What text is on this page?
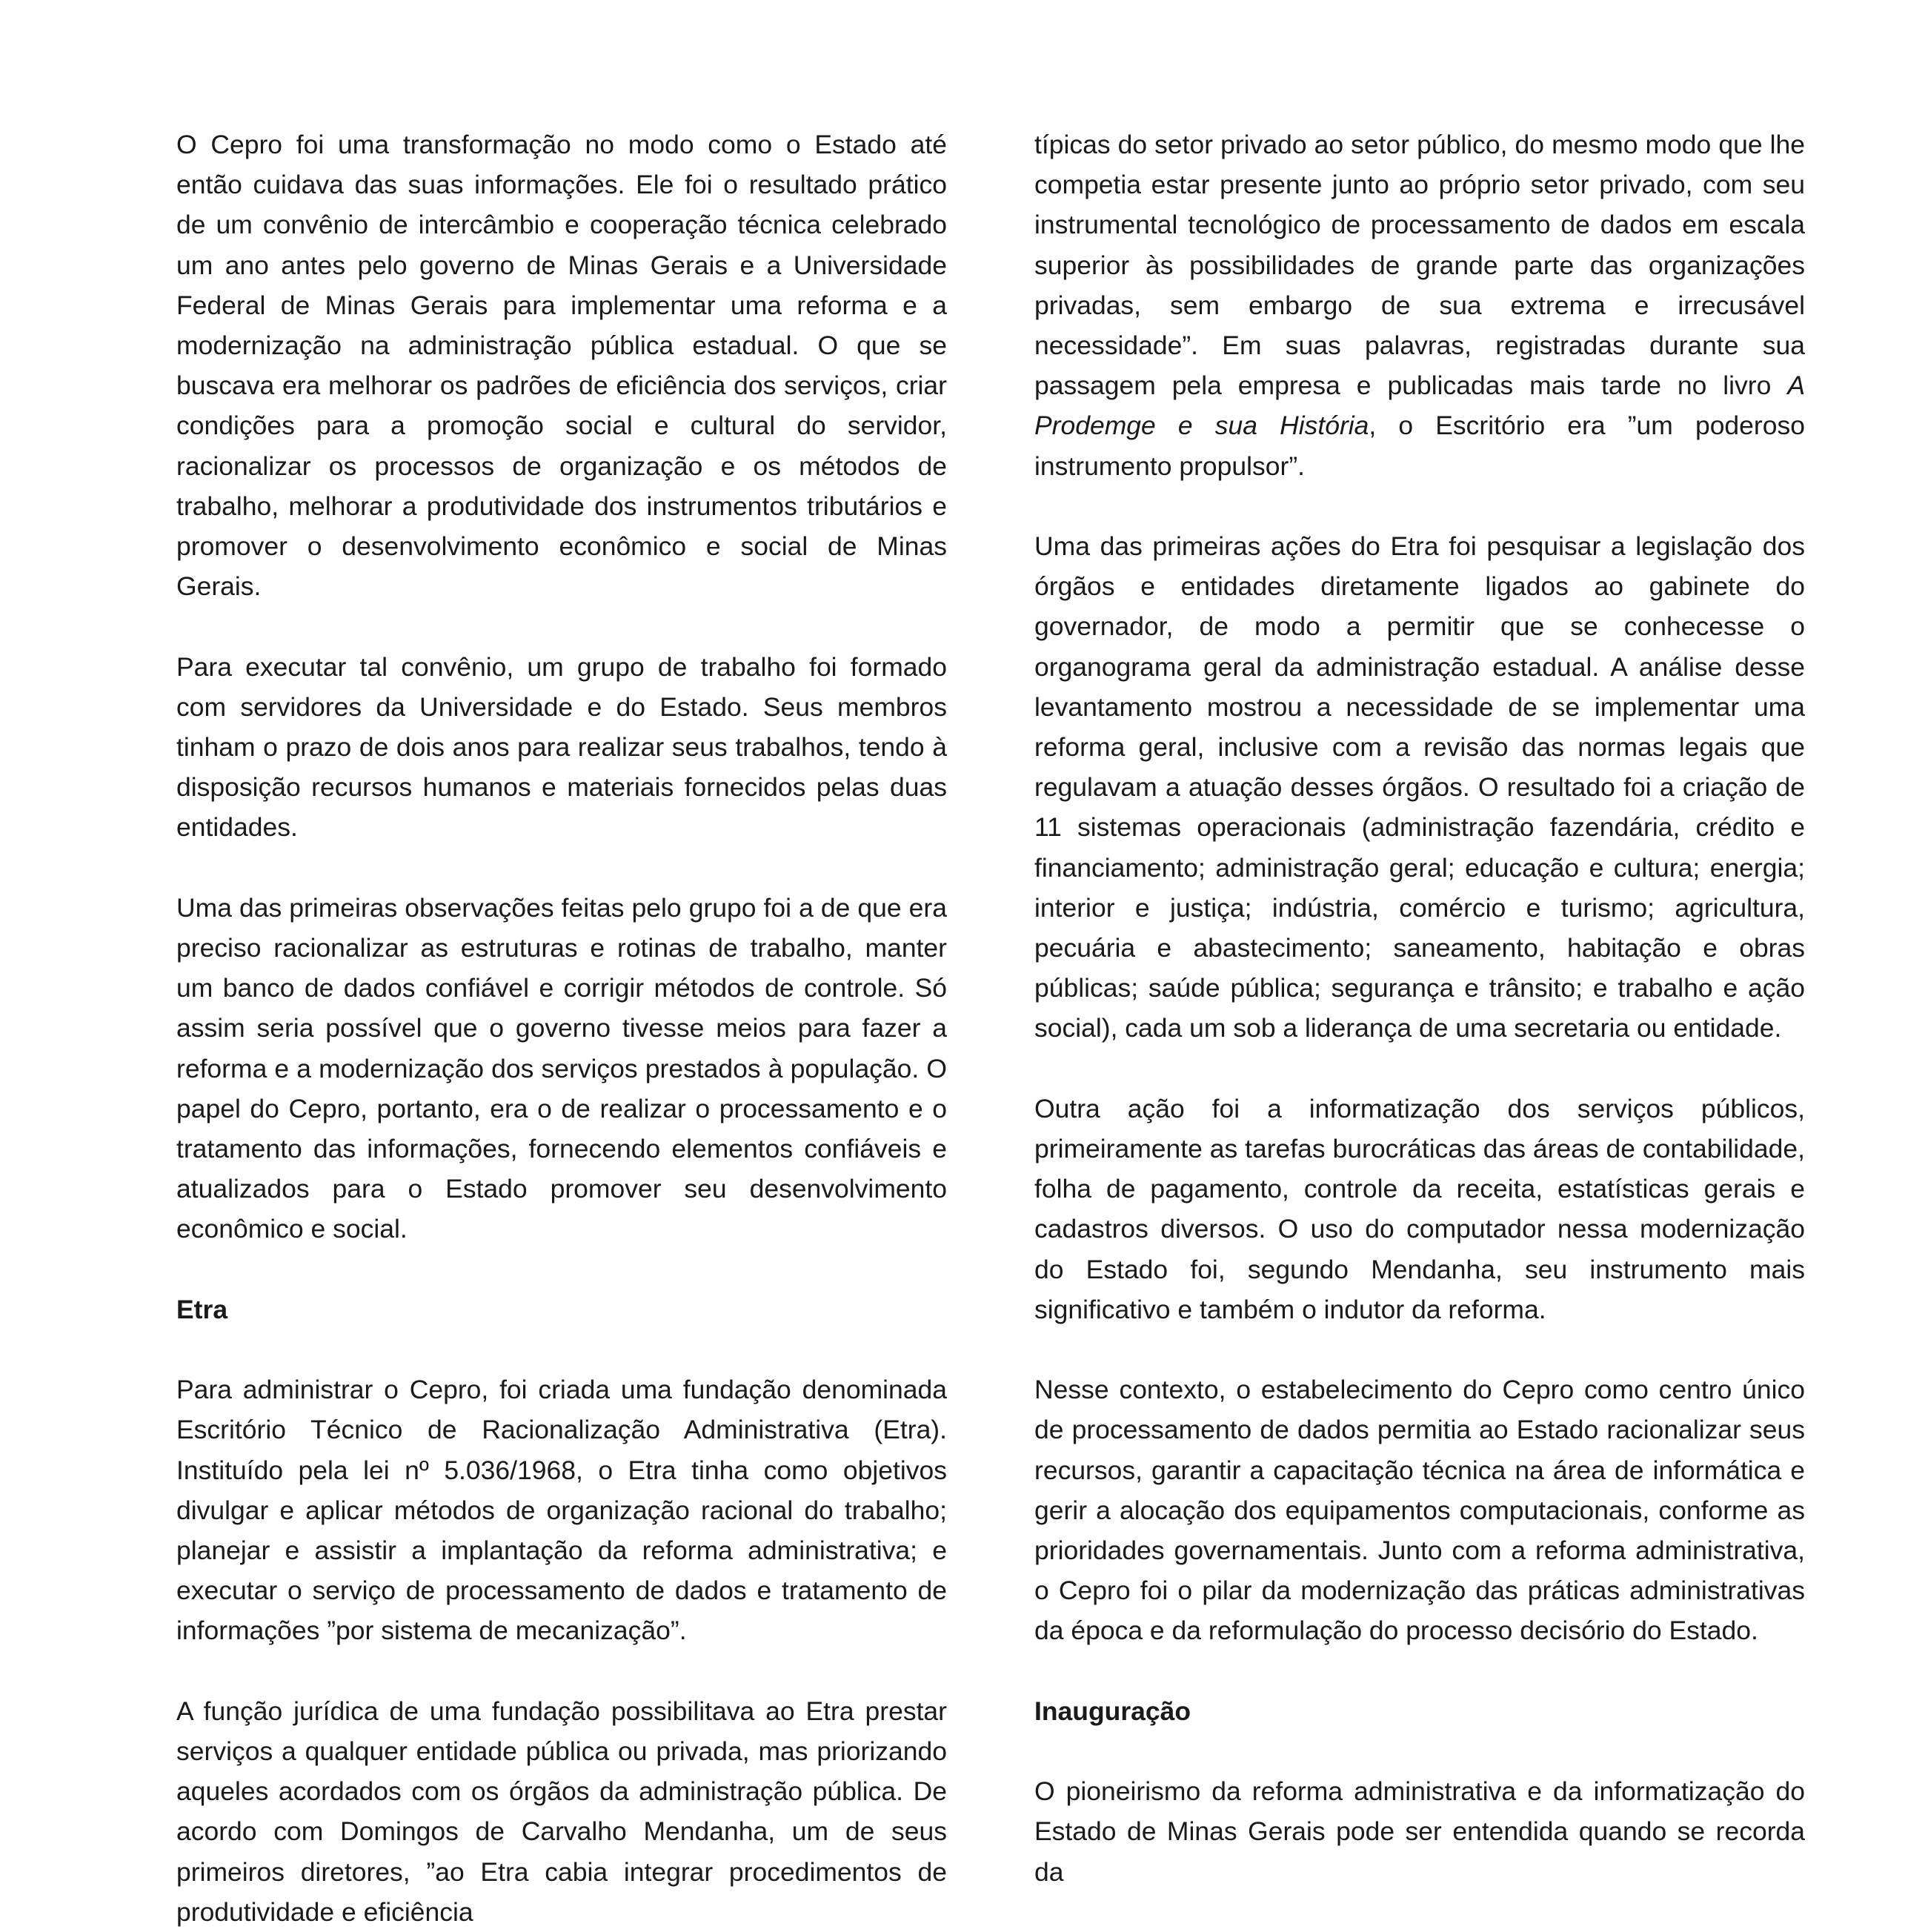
O Cepro foi uma transformação no modo como o Estado até então cuidava das suas informações. Ele foi o resultado prático de um convênio de intercâmbio e cooperação técnica celebrado um ano antes pelo governo de Minas Gerais e a Universidade Federal de Minas Gerais para implementar uma reforma e a modernização na administração pública estadual. O que se buscava era melhorar os padrões de eficiência dos serviços, criar condições para a promoção social e cultural do servidor, racionalizar os processos de organização e os métodos de trabalho, melhorar a produtividade dos instrumentos tributários e promover o desenvolvimento econômico e social de Minas Gerais.

Para executar tal convênio, um grupo de trabalho foi formado com servidores da Universidade e do Estado. Seus membros tinham o prazo de dois anos para realizar seus trabalhos, tendo à disposição recursos humanos e materiais fornecidos pelas duas entidades.

Uma das primeiras observações feitas pelo grupo foi a de que era preciso racionalizar as estruturas e rotinas de trabalho, manter um banco de dados confiável e corrigir métodos de controle. Só assim seria possível que o governo tivesse meios para fazer a reforma e a modernização dos serviços prestados à população. O papel do Cepro, portanto, era o de realizar o processamento e o tratamento das informações, fornecendo elementos confiáveis e atualizados para o Estado promover seu desenvolvimento econômico e social.

Etra

Para administrar o Cepro, foi criada uma fundação denominada Escritório Técnico de Racionalização Administrativa (Etra). Instituído pela lei nº 5.036/1968, o Etra tinha como objetivos divulgar e aplicar métodos de organização racional do trabalho; planejar e assistir a implantação da reforma administrativa; e executar o serviço de processamento de dados e tratamento de informações ”por sistema de mecanização”.

A função jurídica de uma fundação possibilitava ao Etra prestar serviços a qualquer entidade pública ou privada, mas priorizando aqueles acordados com os órgãos da administração pública. De acordo com Domingos de Carvalho Mendanha, um de seus primeiros diretores, ”ao Etra cabia integrar procedimentos de produtividade e eficiência

típicas do setor privado ao setor público, do mesmo modo que lhe competia estar presente junto ao próprio setor privado, com seu instrumental tecnológico de processamento de dados em escala superior às possibilidades de grande parte das organizações privadas, sem embargo de sua extrema e irrecusável necessidade”. Em suas palavras, registradas durante sua passagem pela empresa e publicadas mais tarde no livro A Prodemge e sua História, o Escritório era ”um poderoso instrumento propulsor”.

Uma das primeiras ações do Etra foi pesquisar a legislação dos órgãos e entidades diretamente ligados ao gabinete do governador, de modo a permitir que se conhecesse o organograma geral da administração estadual. A análise desse levantamento mostrou a necessidade de se implementar uma reforma geral, inclusive com a revisão das normas legais que regulavam a atuação desses órgãos. O resultado foi a criação de 11 sistemas operacionais (administração fazendária, crédito e financiamento; administração geral; educação e cultura; energia; interior e justiça; indústria, comércio e turismo; agricultura, pecuária e abastecimento; saneamento, habitação e obras públicas; saúde pública; segurança e trânsito; e trabalho e ação social), cada um sob a liderança de uma secretaria ou entidade.

Outra ação foi a informatização dos serviços públicos, primeiramente as tarefas burocráticas das áreas de contabilidade, folha de pagamento, controle da receita, estatísticas gerais e cadastros diversos. O uso do computador nessa modernização do Estado foi, segundo Mendanha, seu instrumento mais significativo e também o indutor da reforma.

Nesse contexto, o estabelecimento do Cepro como centro único de processamento de dados permitia ao Estado racionalizar seus recursos, garantir a capacitação técnica na área de informática e gerir a alocação dos equipamentos computacionais, conforme as prioridades governamentais. Junto com a reforma administrativa, o Cepro foi o pilar da modernização das práticas administrativas da época e da reformulação do processo decisório do Estado.

Inauguração

O pioneirismo da reforma administrativa e da informatização do Estado de Minas Gerais pode ser entendida quando se recorda da
